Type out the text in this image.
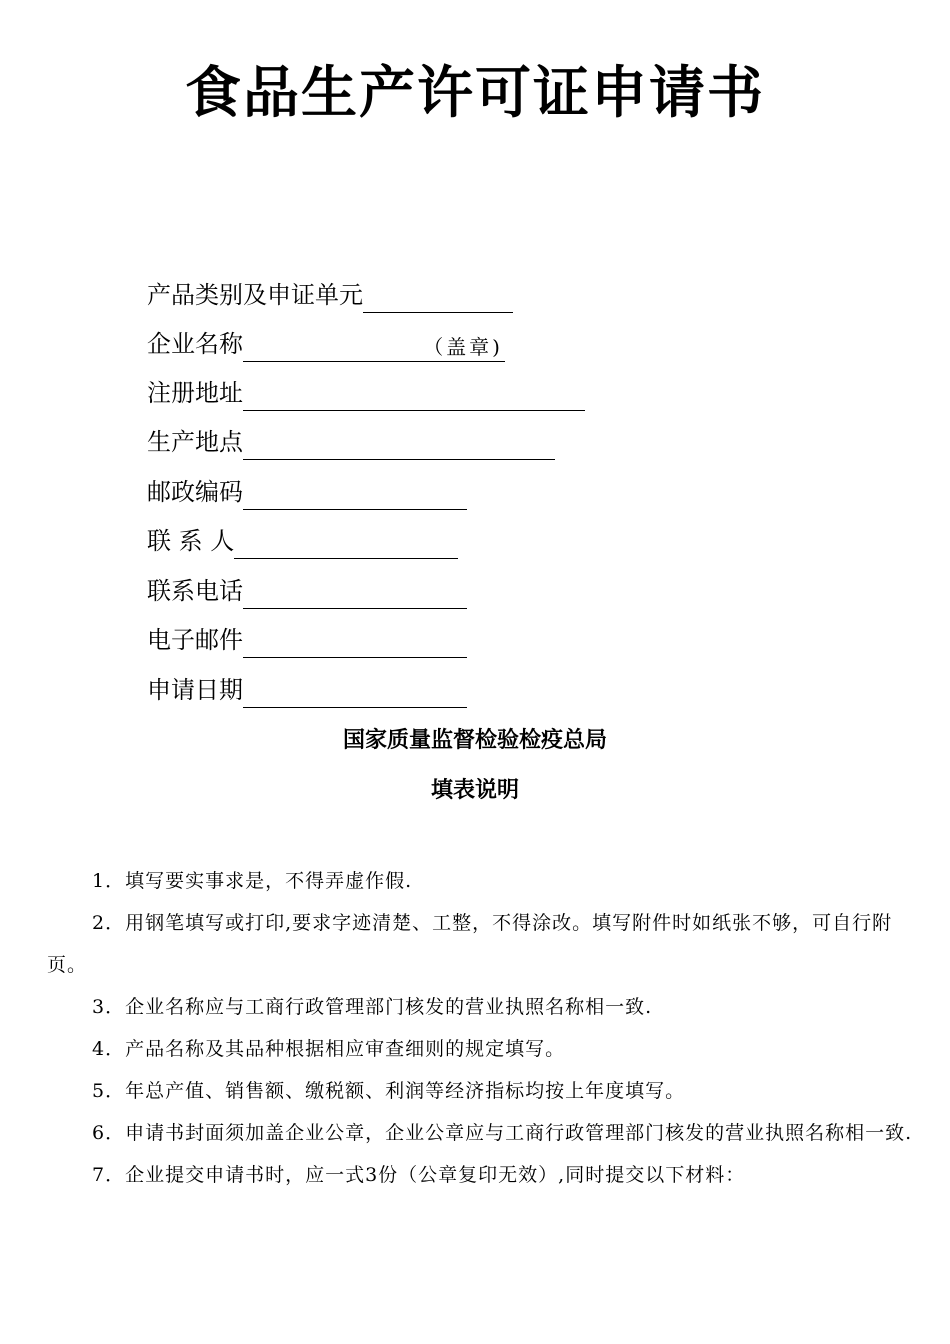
食品生产许可证申请书
产品类别及申证单元
企业名称	（盖章)
注册地址
生产地点
邮政编码
联 系 人
联系电话
电子邮件
申请日期
国家质量监督检验检疫总局
填表说明

1．填写要实事求是，不得弄虚作假.

2．用钢笔填写或打印,要求字迹清楚、工整，不得涂改。填写附件时如纸张不够，可自行附页。

3．企业名称应与工商行政管理部门核发的营业执照名称相一致.

4．产品名称及其品种根据相应审查细则的规定填写。

5．年总产值、销售额、缴税额、利润等经济指标均按上年度填写。

6．申请书封面须加盖企业公章，企业公章应与工商行政管理部门核发的营业执照名称相一致.

7．企业提交申请书时，应一式3份（公章复印无效）,同时提交以下材料：
